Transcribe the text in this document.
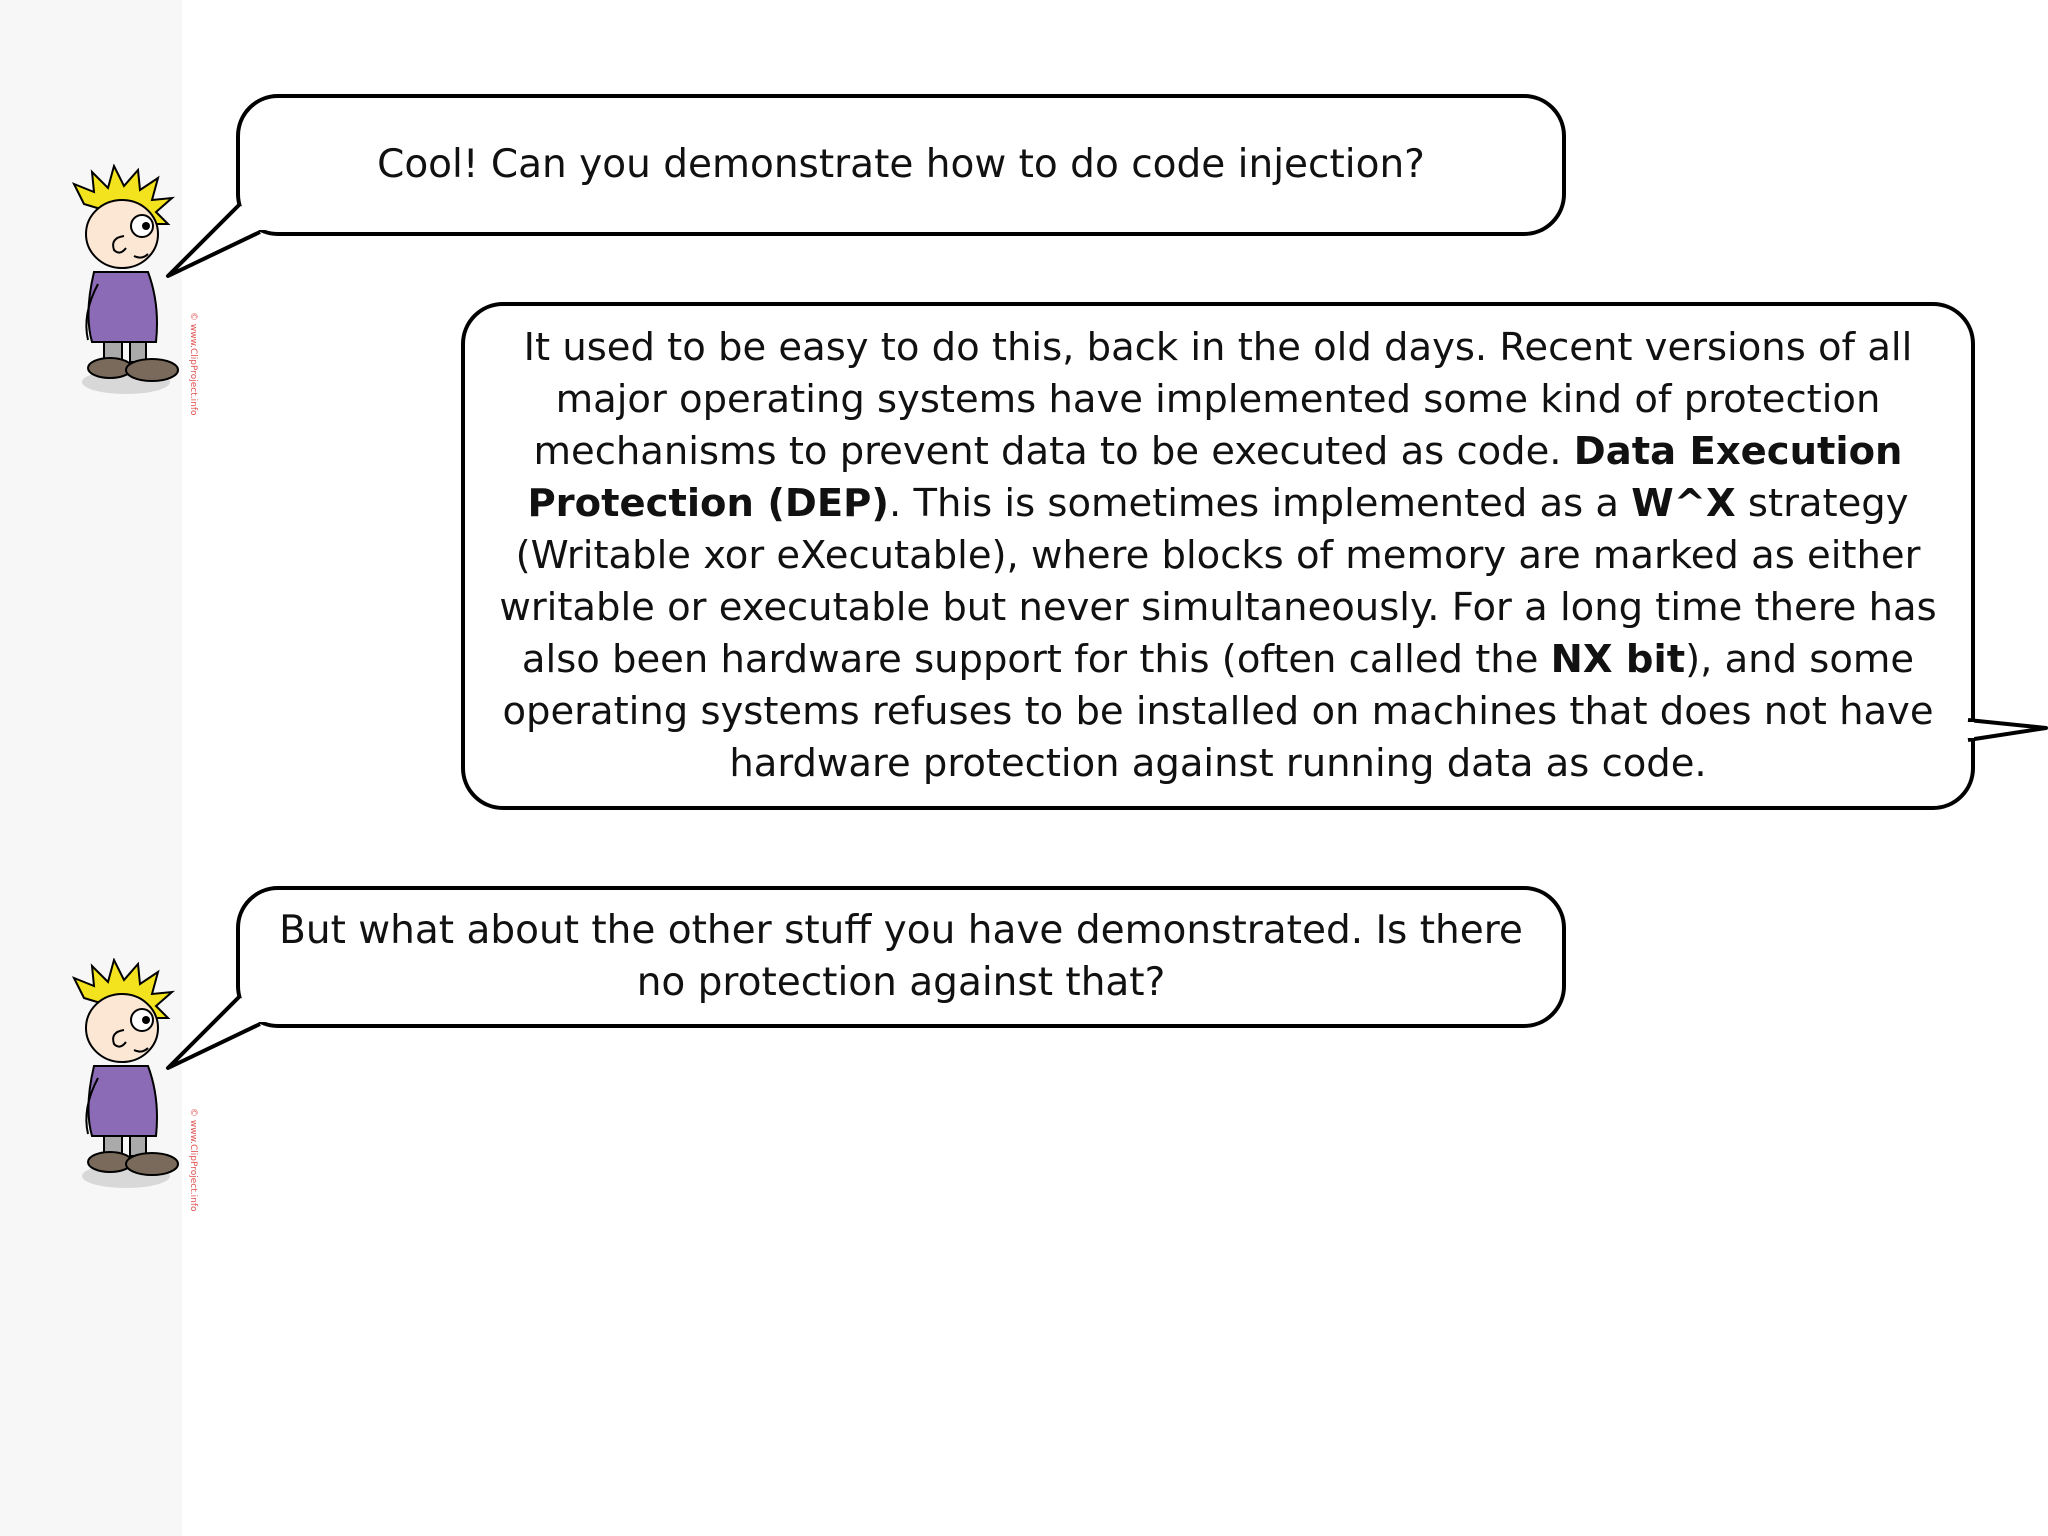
© www.ClipProject.info

Cool! Can you demonstrate how to do code injection?

It used to be easy to do this, back in the old days. Recent versions of all major operating systems have implemented some kind of protection mechanisms to prevent data to be executed as code. Data Execution Protection (DEP). This is sometimes implemented as a W^X strategy (Writable xor eXecutable), where blocks of memory are marked as either writable or executable but never simultaneously. For a long time there has also been hardware support for this (often called the NX bit), and some operating systems refuses to be installed on machines that does not have hardware protection against running data as code.

© www.ClipProject.info

But what about the other stuff you have demonstrated. Is there no protection against that?
